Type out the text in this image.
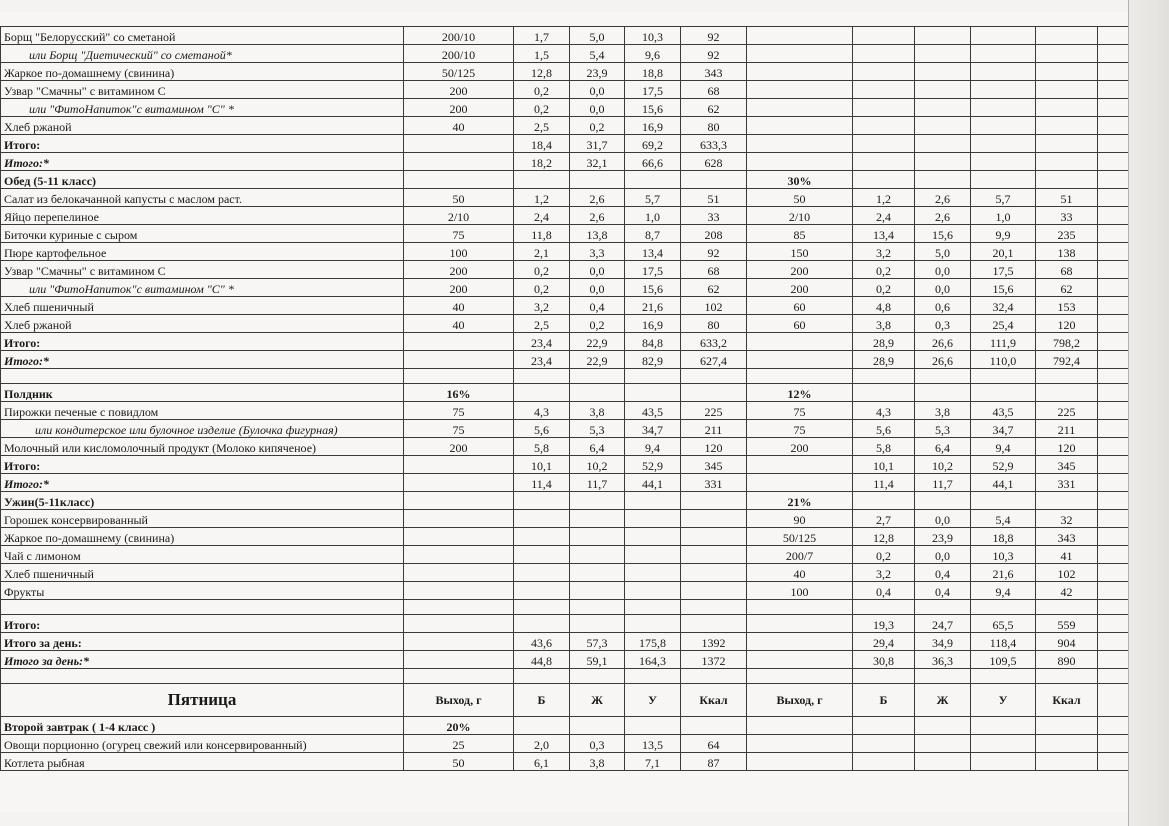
Борщ "Белорусский" со сметаной	200/10	1,7	5,0	10,3	92						
или Борщ "Диетический" со сметаной*	200/10	1,5	5,4	9,6	92						
Жаркое по-домашнему (свинина)	50/125	12,8	23,9	18,8	343						
Узвар "Смачны" с витамином С	200	0,2	0,0	17,5	68						
или "ФитоНапиток"с витамином "С" *	200	0,2	0,0	15,6	62						
Хлеб ржаной	40	2,5	0,2	16,9	80						
Итого:		18,4	31,7	69,2	633,3						
Итого:*		18,2	32,1	66,6	628						
Обед (5-11 класс)						30%					
Салат из белокачанной капусты с маслом раст.	50	1,2	2,6	5,7	51	50	1,2	2,6	5,7	51	
Яйцо перепелиное	2/10	2,4	2,6	1,0	33	2/10	2,4	2,6	1,0	33	
Биточки куриные с сыром	75	11,8	13,8	8,7	208	85	13,4	15,6	9,9	235	
Пюре картофельное	100	2,1	3,3	13,4	92	150	3,2	5,0	20,1	138	
Узвар "Смачны" с витамином С	200	0,2	0,0	17,5	68	200	0,2	0,0	17,5	68	
или "ФитоНапиток"с витамином "С" *	200	0,2	0,0	15,6	62	200	0,2	0,0	15,6	62	
Хлеб пшеничный	40	3,2	0,4	21,6	102	60	4,8	0,6	32,4	153	
Хлеб ржаной	40	2,5	0,2	16,9	80	60	3,8	0,3	25,4	120	
Итого:		23,4	22,9	84,8	633,2		28,9	26,6	111,9	798,2	
Итого:*		23,4	22,9	82,9	627,4		28,9	26,6	110,0	792,4	

Полдник	16%					12%					
Пирожки печеные с повидлом	75	4,3	3,8	43,5	225	75	4,3	3,8	43,5	225	
или кондитерское или булочное изделие (Булочка фигурная)	75	5,6	5,3	34,7	211	75	5,6	5,3	34,7	211	
Молочный или кисломолочный продукт (Молоко кипяченое)	200	5,8	6,4	9,4	120	200	5,8	6,4	9,4	120	
Итого:		10,1	10,2	52,9	345		10,1	10,2	52,9	345	
Итого:*		11,4	11,7	44,1	331		11,4	11,7	44,1	331	
Ужин(5-11класс)						21%					
Горошек консервированный						90	2,7	0,0	5,4	32	
Жаркое по-домашнему (свинина)						50/125	12,8	23,9	18,8	343	
Чай с лимоном						200/7	0,2	0,0	10,3	41	
Хлеб пшеничный						40	3,2	0,4	21,6	102	
Фрукты						100	0,4	0,4	9,4	42	

Итого:							19,3	24,7	65,5	559	
Итого за день:		43,6	57,3	175,8	1392		29,4	34,9	118,4	904	
Итого за день:*		44,8	59,1	164,3	1372		30,8	36,3	109,5	890	

Пятница	Выход, г	Б	Ж	У	Ккал	Выход, г	Б	Ж	У	Ккал	
Второй завтрак ( 1-4 класс )	20%										
Овощи порционно (огурец свежий или консервированный)	25	2,0	0,3	13,5	64						
Котлета рыбная	50	6,1	3,8	7,1	87						
